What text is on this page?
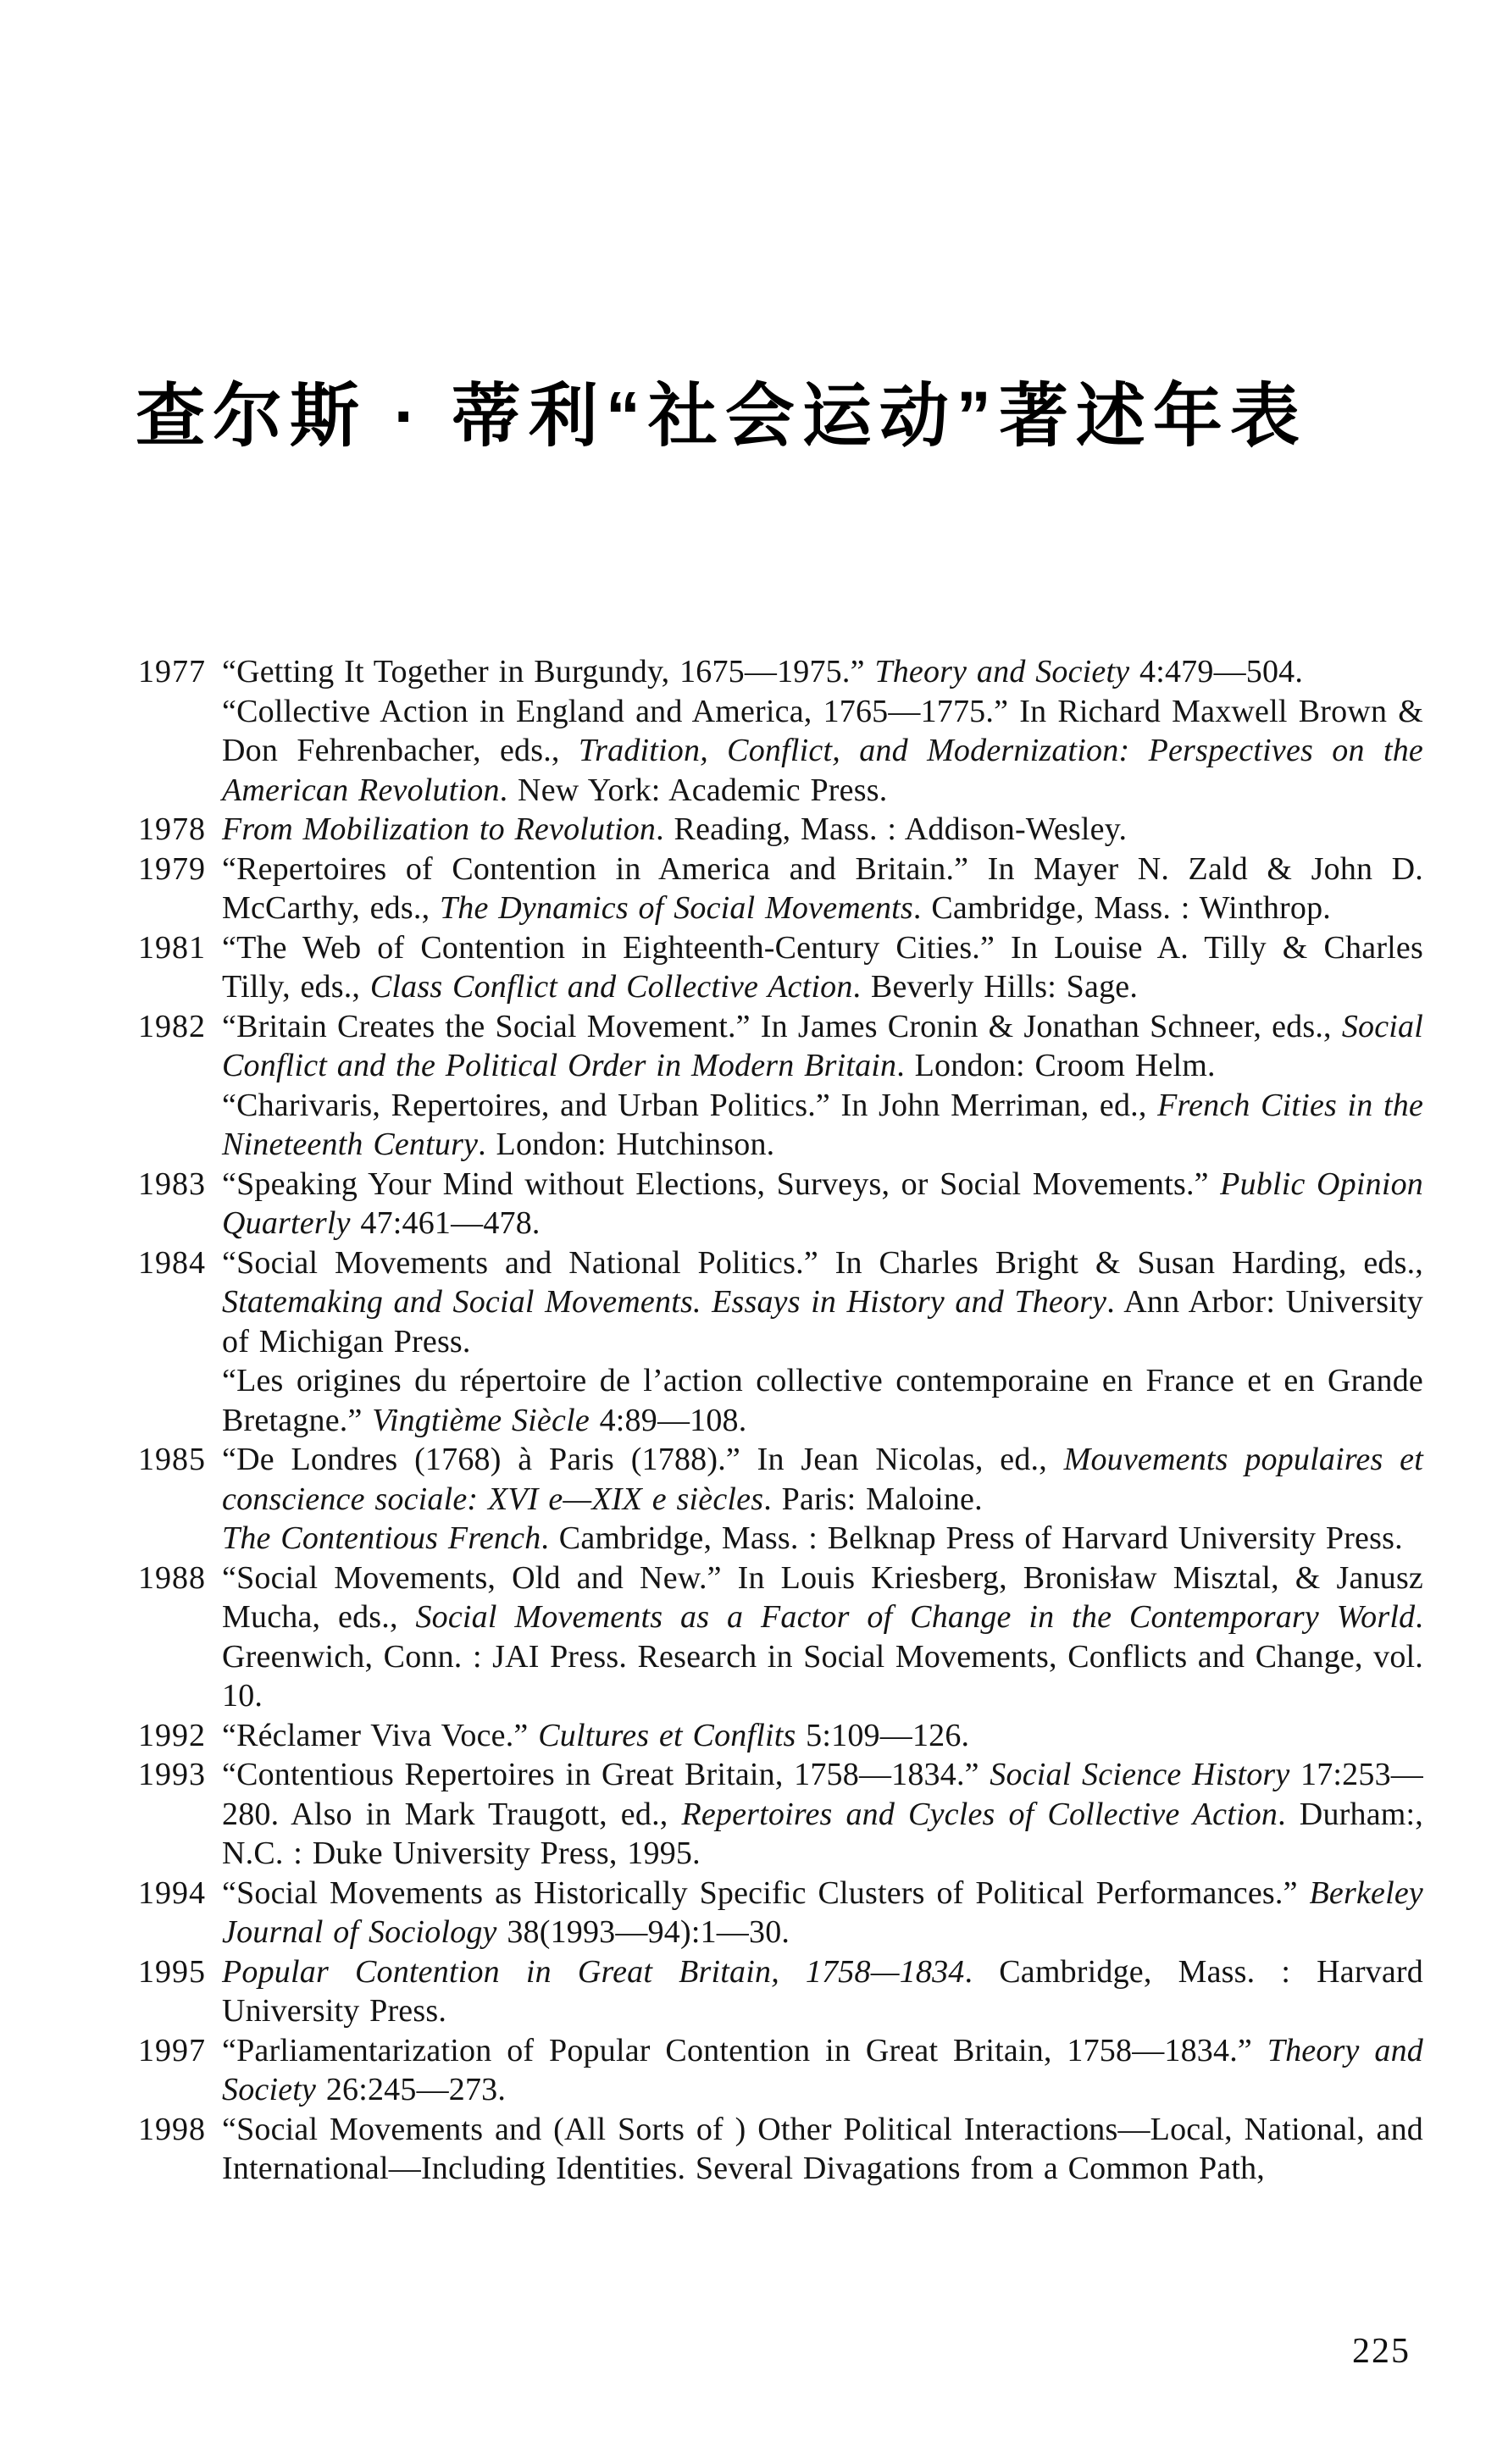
查尔斯 · 蒂利“社会运动”著述年表
1977 “Getting It Together in Burgundy, 1675—1975.” Theory and Society 4:479—504.

“Collective Action in England and America, 1765—1775.” In Richard Maxwell Brown & Don Fehrenbacher, eds., Tradition, Conflict, and Modernization: Perspectives on the American Revolution. New York: Academic Press.

1978 From Mobilization to Revolution. Reading, Mass. : Addison-Wesley.

1979 “Repertoires of Contention in America and Britain.” In Mayer N. Zald & John D. McCarthy, eds., The Dynamics of Social Movements. Cambridge, Mass. : Winthrop.

1981 “The Web of Contention in Eighteenth-Century Cities.” In Louise A. Tilly & Charles Tilly, eds., Class Conflict and Collective Action. Beverly Hills: Sage.

1982 “Britain Creates the Social Movement.” In James Cronin & Jonathan Schneer, eds., Social Conflict and the Political Order in Modern Britain. London: Croom Helm.

“Charivaris, Repertoires, and Urban Politics.” In John Merriman, ed., French Cities in the Nineteenth Century. London: Hutchinson.

1983 “Speaking Your Mind without Elections, Surveys, or Social Movements.” Public Opinion Quarterly 47:461—478.

1984 “Social Movements and National Politics.” In Charles Bright & Susan Harding, eds., Statemaking and Social Movements. Essays in History and Theory. Ann Arbor: University of Michigan Press.

“Les origines du répertoire de l’action collective contemporaine en France et en Grande Bretagne.” Vingtième Siècle 4:89—108.

1985 “De Londres (1768) à Paris (1788).” In Jean Nicolas, ed., Mouvements populaires et conscience sociale: XVI e—XIX e siècles. Paris: Maloine.

The Contentious French. Cambridge, Mass. : Belknap Press of Harvard University Press.

1988 “Social Movements, Old and New.” In Louis Kriesberg, Bronisław Misztal, & Janusz Mucha, eds., Social Movements as a Factor of Change in the Contemporary World. Greenwich, Conn. : JAI Press. Research in Social Movements, Conflicts and Change, vol. 10.

1992 “Réclamer Viva Voce.” Cultures et Conflits 5:109—126.

1993 “Contentious Repertoires in Great Britain, 1758—1834.” Social Science History 17:253—280. Also in Mark Traugott, ed., Repertoires and Cycles of Collective Action. Durham:, N.C. : Duke University Press, 1995.

1994 “Social Movements as Historically Specific Clusters of Political Performances.” Berkeley Journal of Sociology 38(1993—94):1—30.

1995 Popular Contention in Great Britain, 1758—1834. Cambridge, Mass. : Harvard University Press.

1997 “Parliamentarization of Popular Contention in Great Britain, 1758—1834.” Theory and Society 26:245—273.

1998 “Social Movements and (All Sorts of ) Other Political Interactions—Local, National, and International—Including Identities. Several Divagations from a Common Path,

225
